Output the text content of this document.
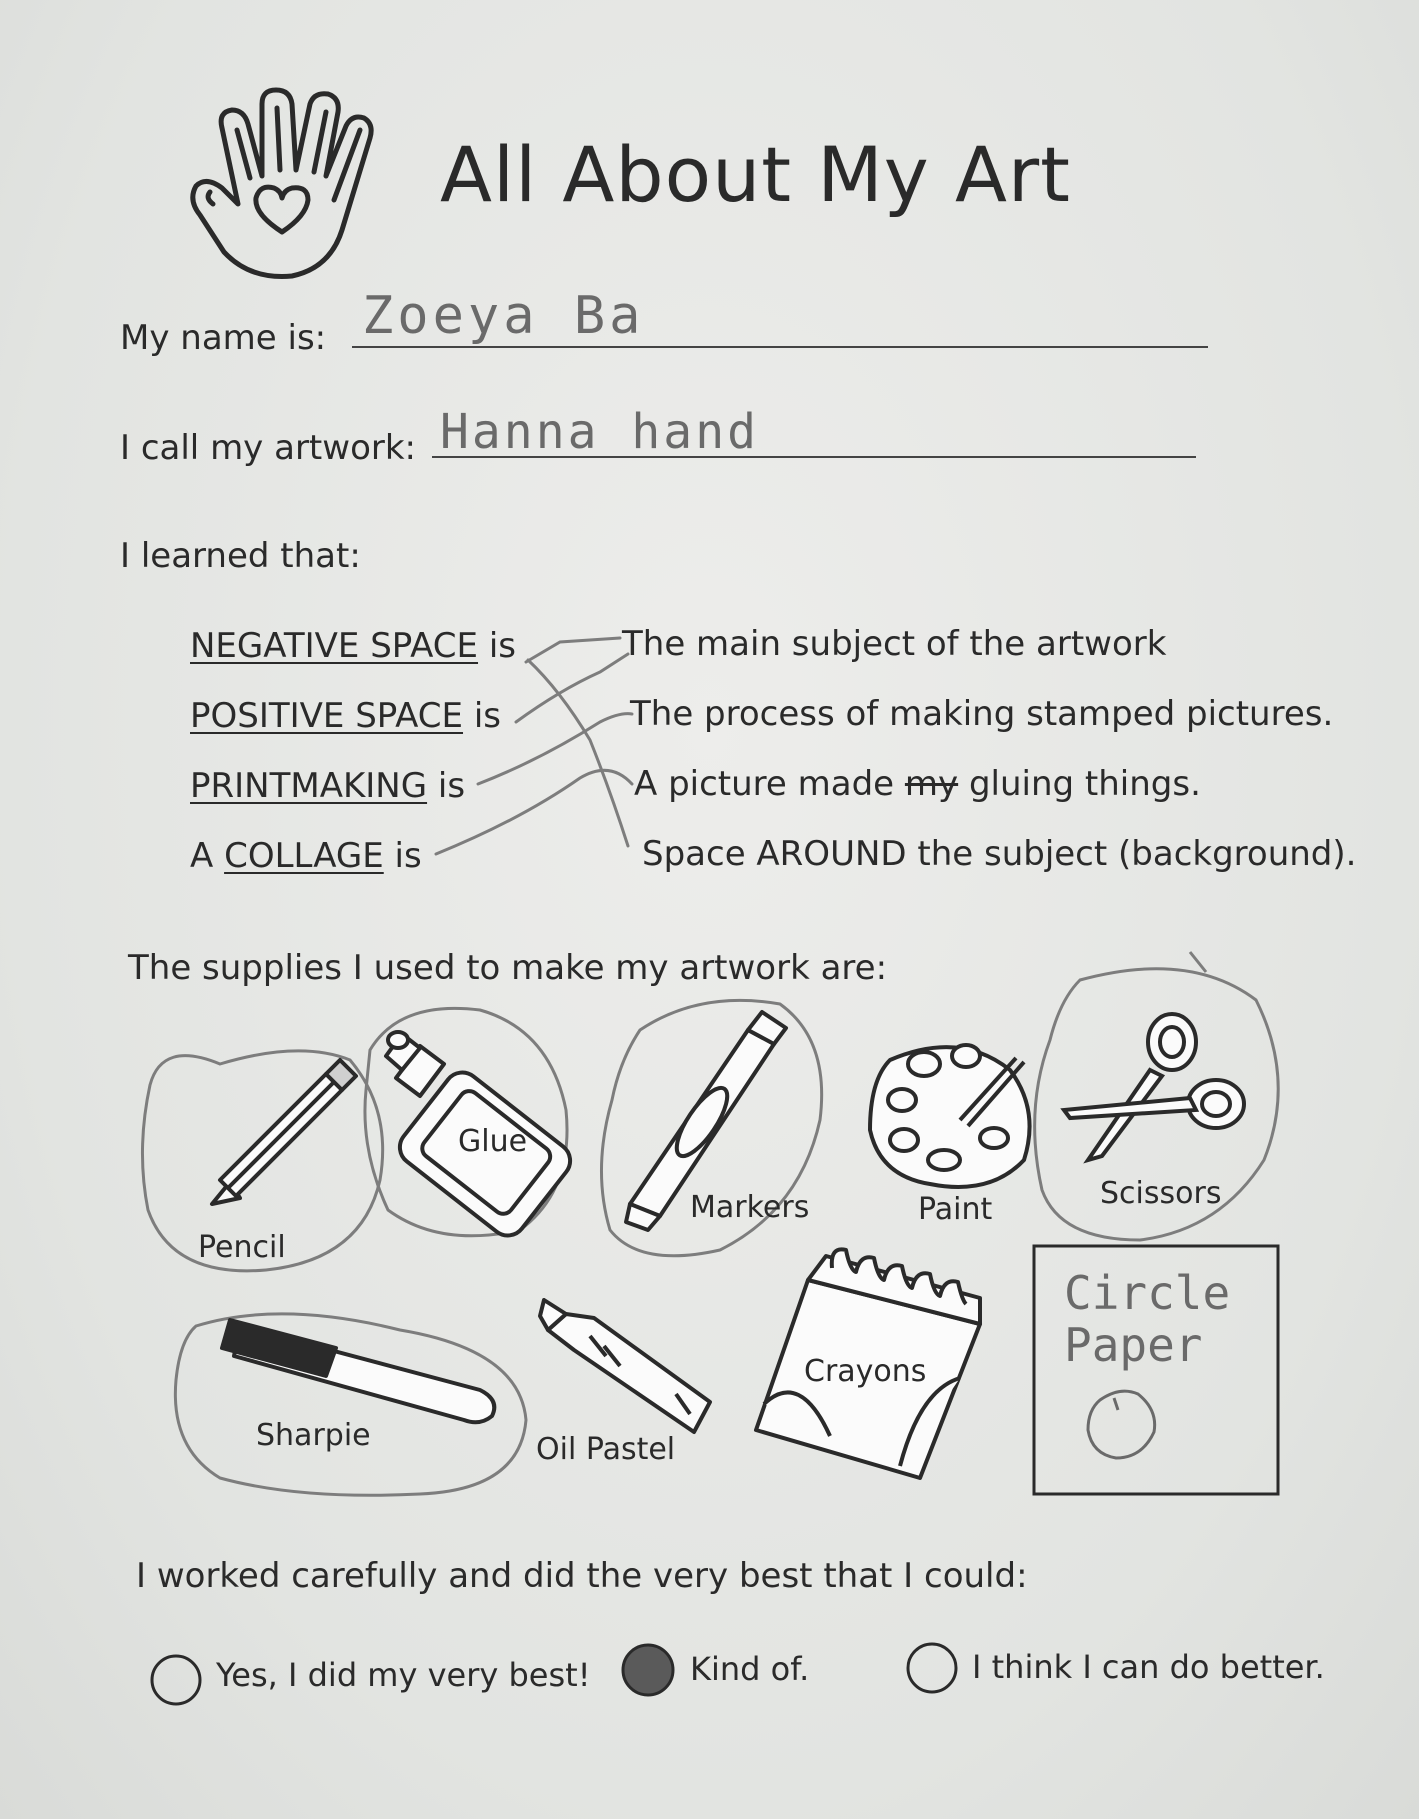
All About My Art
My name is: Zoeya Ba
I call my artwork: Hanna hand
I learned that:
NEGATIVE SPACE is
POSITIVE SPACE is
PRINTMAKING is
A COLLAGE is
The main subject of the artwork
The process of making stamped pictures.
A picture made my gluing things.
Space AROUND the subject (background).
The supplies I used to make my artwork are:
Pencil
Glue
Markers	Paint	Scissors
Sharpie	Oil Pastel
Crayons
Circle
Paper
I worked carefully and did the very best that I could:
Yes, I did my very best!	Kind of.	I think I can do better.
